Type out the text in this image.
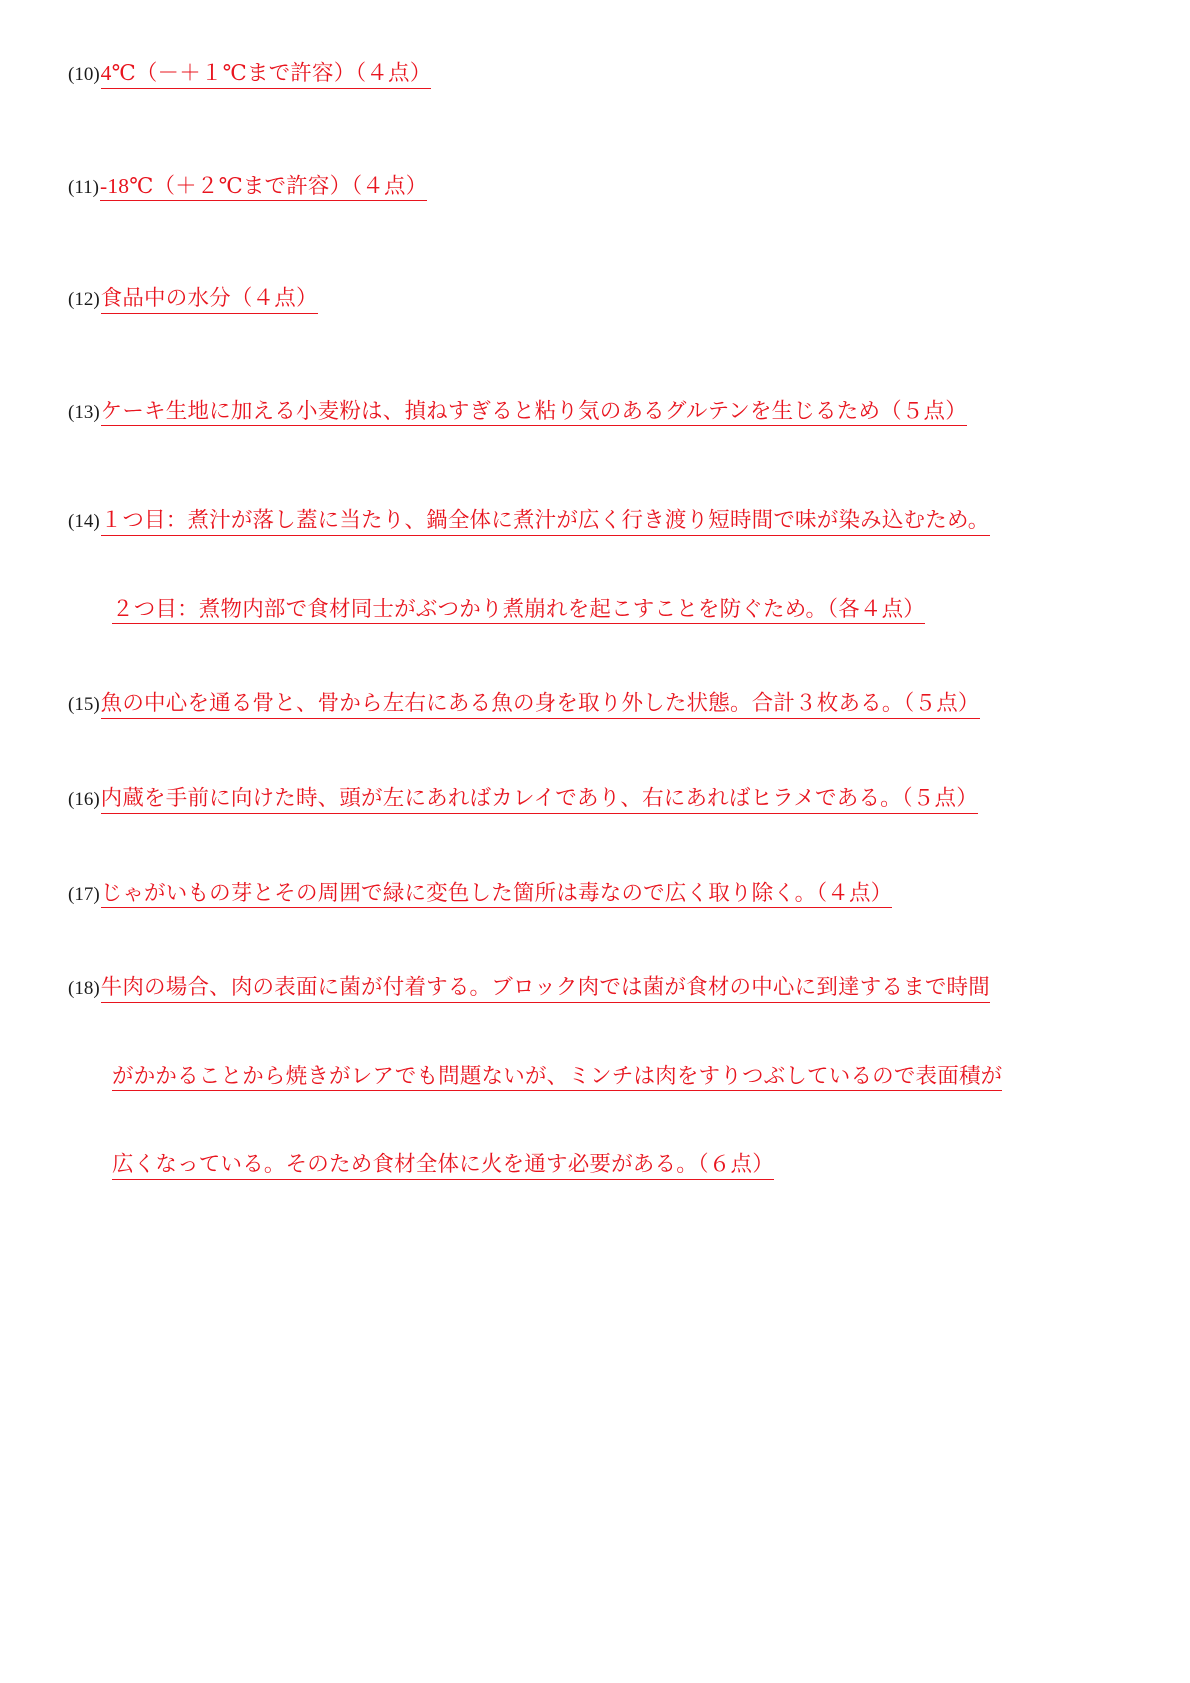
(10) 4℃（－＋１℃まで許容）（４点）
(11) -18℃（＋２℃まで許容）（４点）
(12) 食品中の水分（４点）
(13) ケーキ生地に加える小麦粉は、揁ねすぎると粘り気のあるグルテンを生じるため（５点）
(14) １つ目：煮汁が落し蓋に当たり、鍋全体に煮汁が広く行き渡り短時間で味が染み込むため。
２つ目：煮物内部で食材同士がぶつかり煮崩れを起こすことを防ぐため。（各４点）
(15) 魚の中心を通る骨と、骨から左右にある魚の身を取り外した状態。合計３枚ある。（５点）
(16) 内蔵を手前に向けた時、頭が左にあればカレイであり、右にあればヒラメである。（５点）
(17) じゃがいもの芽とその周囲で緑に変色した箇所は毒なので広く取り除く。（４点）
(18) 牛肉の場合、肉の表面に菌が付着する。ブロック肉では菌が食材の中心に到達するまで時間
がかかることから焼きがレアでも問題ないが、ミンチは肉をすりつぶしているので表面積が
広くなっている。そのため食材全体に火を通す必要がある。（６点）
